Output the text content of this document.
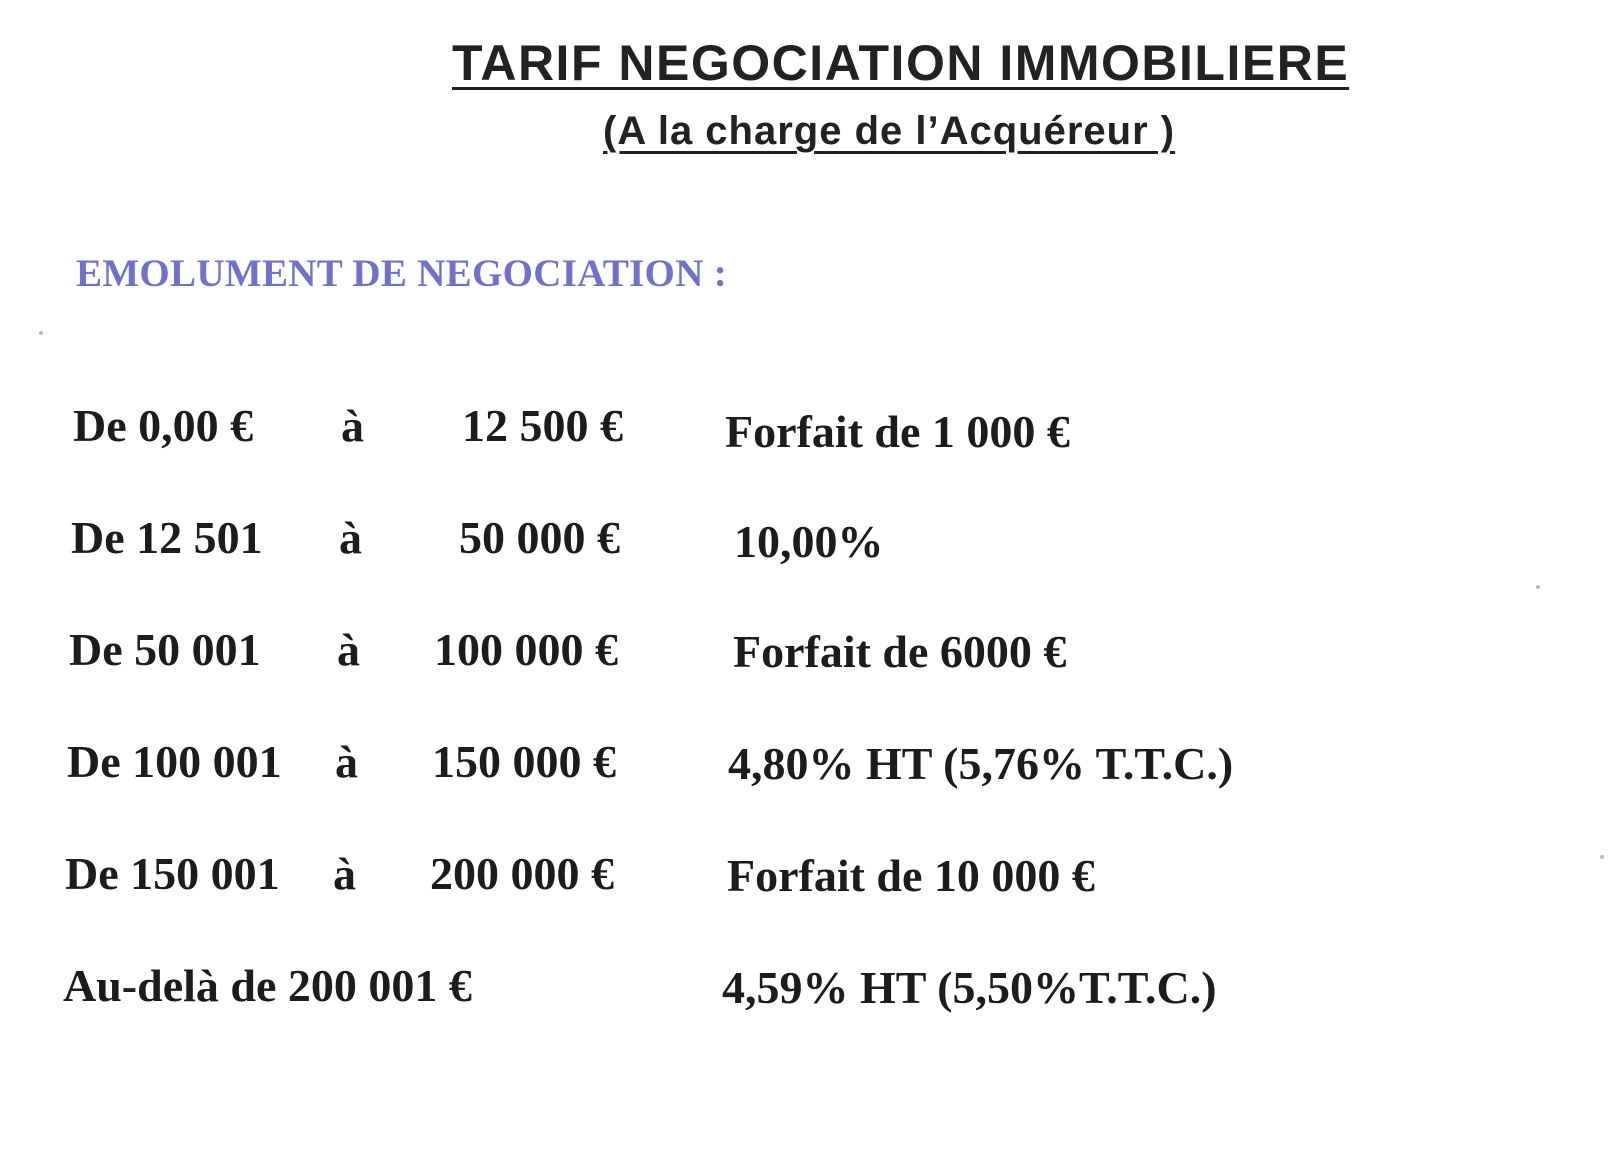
TARIF NEGOCIATION IMMOBILIERE
(A la charge de l’Acquéreur )
EMOLUMENT DE NEGOCIATION :
De 0,00 € à 12 500 € Forfait de 1 000 €
De 12 501 à 50 000 € 10,00%
De 50 001 à 100 000 €	Forfait de 6000 €
De 100 001 à 150 000 € 4,80% HT (5,76% T.T.C.)
De 150 001 à 200 000 € Forfait de 10 000 €
Au-delà de 200 001 €	4,59% HT (5,50%T.T.C.)
